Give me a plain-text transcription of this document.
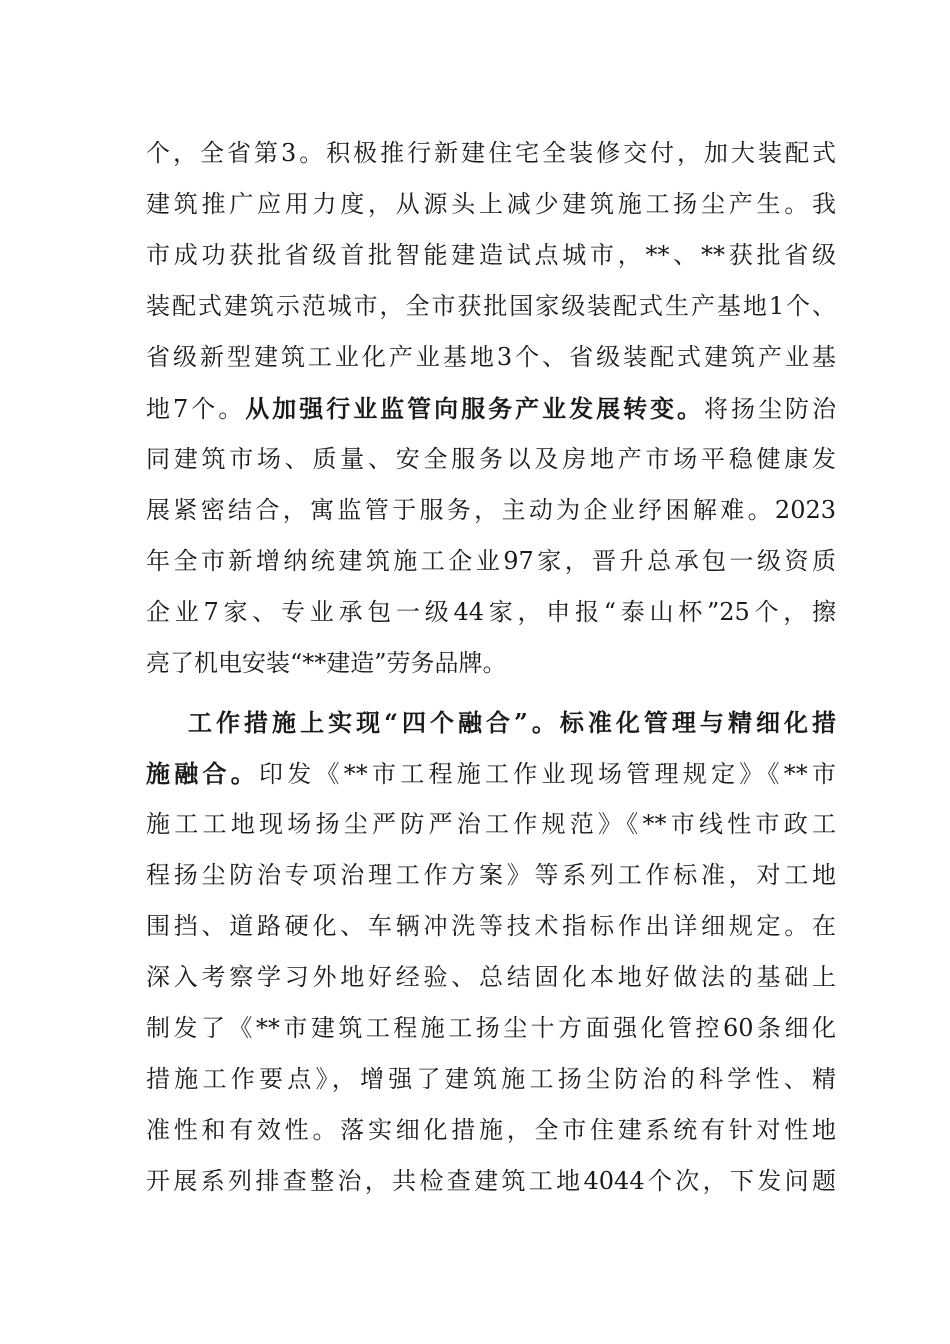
个，全省第3。积极推行新建住宅全装修交付，加大装配式
建筑推广应用力度，从源头上减少建筑施工扬尘产生。我
市成功获批省级首批智能建造试点城市，**、**获批省级
装配式建筑示范城市，全市获批国家级装配式生产基地1个、
省级新型建筑工业化产业基地3个、省级装配式建筑产业基
地7个。从加强行业监管向服务产业发展转变。将扬尘防治
同建筑市场、质量、安全服务以及房地产市场平稳健康发
展紧密结合，寓监管于服务，主动为企业纾困解难。2023
年全市新增纳统建筑施工企业97家，晋升总承包一级资质
企业7家、专业承包一级44家，申报“泰山杯”25个，擦
亮了机电安装“**建造”劳务品牌。
工作措施上实现“四个融合”。标准化管理与精细化措
施融合。印发《**市工程施工作业现场管理规定》《**市
施工工地现场扬尘严防严治工作规范》《**市线性市政工
程扬尘防治专项治理工作方案》等系列工作标准，对工地
围挡、道路硬化、车辆冲洗等技术指标作出详细规定。在
深入考察学习外地好经验、总结固化本地好做法的基础上
制发了《**市建筑工程施工扬尘十方面强化管控60条细化
措施工作要点》，增强了建筑施工扬尘防治的科学性、精
准性和有效性。落实细化措施，全市住建系统有针对性地
开展系列排查整治，共检查建筑工地4044个次，下发问题
